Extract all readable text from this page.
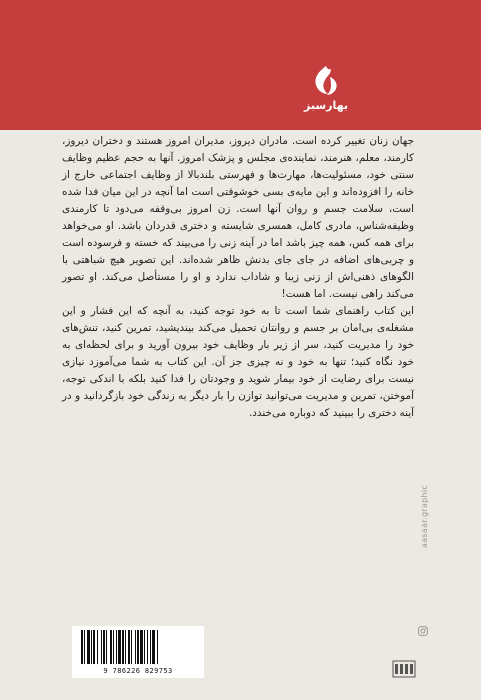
بهارسبز

جهان زنان تغییر کرده است. مادران دیروز، مدیران امروز هستند و دختران دیروز، کارمند، معلم، هنرمند، نماینده‌ی مجلس و پزشک امروز. آنها به حجم عظیم وظایف سنتی خود، مسئولیت‌ها، مهارت‌ها و فهرستی بلندبالا از وظایف اجتماعی خارج از خانه را افزوده‌اند و این مایه‌ی بسی خوشوقتی است اما آنچه در این میان فدا شده است، سلامت جسم و روان آنها است. زن امروز بی‌وقفه می‌دود تا کارمندی وظیفه‌شناس، مادری کامل، همسری شایسته و دختری قدردان باشد. او می‌خواهد برای همه کس، همه چیز باشد اما در آینه زنی را می‌بیند که خسته و فرسوده است و چربی‌های اضافه در جای جای بدنش ظاهر شده‌اند. این تصویر هیچ شباهتی با الگوهای ذهنی‌اش از زنی زیبا و شاداب ندارد و او را مستأصل می‌کند. او تصور می‌کند راهی نیست. اما هست!

این کتاب راهنمای شما است تا به خود توجه کنید، به آنچه که این فشار و این مشغله‌ی بی‌امان بر جسم و روانتان تحمیل می‌کند بیندیشید، تمرین کنید، تنش‌های خود را مدیریت کنید، سر از زیر بار وظایف خود بیرون آورید و برای لحظه‌ای به خود نگاه کنید؛ تنها به خود و نه چیزی جز آن. این کتاب به شما می‌آموزد نیازی نیست برای رضایت از خود بیمار شوید و وجودتان را فدا کنید بلکه با اندکی توجه، آموختن، تمرین و مدیریت می‌توانید توازن را بار دیگر به زندگی خود بازگردانید و در آینه دختری را ببینید که دوباره می‌خندد.

aasaar.graphic
9 786226 829753
